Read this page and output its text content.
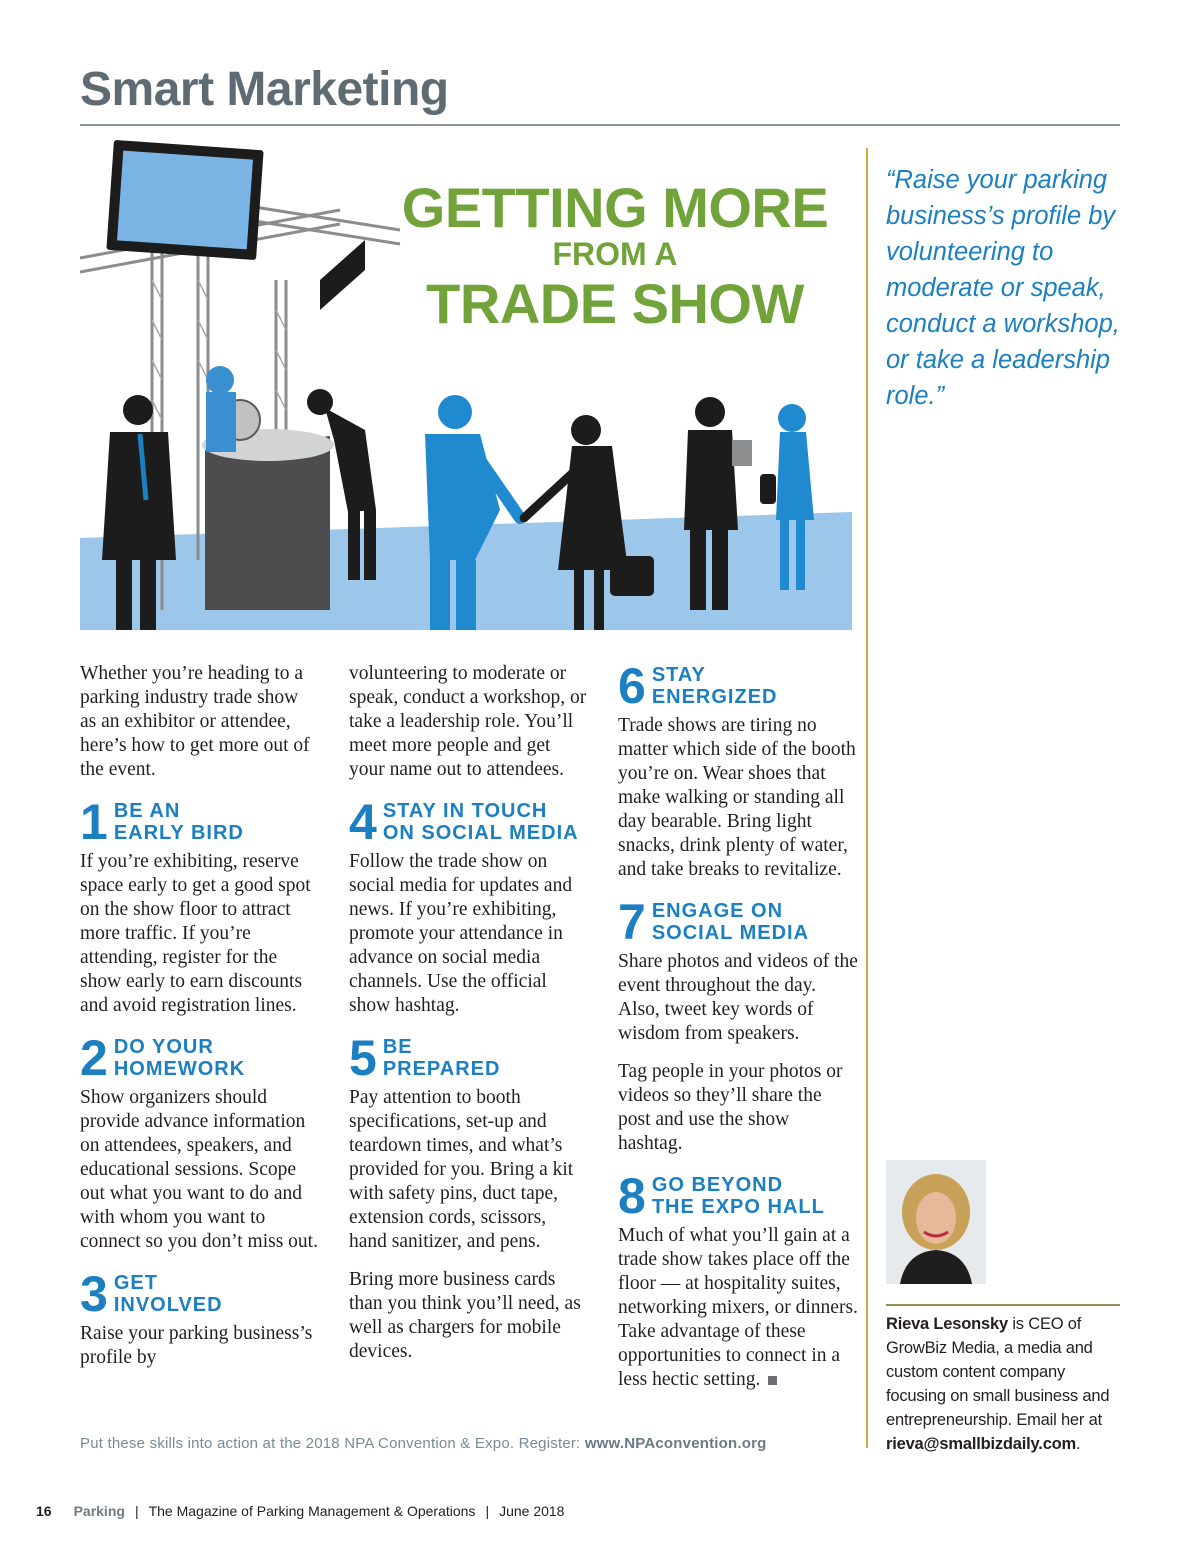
Smart Marketing
GETTING MORE
FROM A
TRADE SHOW

“Raise your parking business’s profile by volunteering to moderate or speak, conduct a workshop, or take a leadership role.”

Whether you’re heading to a parking industry trade show as an exhibitor or attendee, here’s how to get more out of the event.

1 BE AN
EARLY BIRD

If you’re exhibiting, reserve space early to get a good spot on the show floor to attract more traffic. If you’re attending, register for the show early to earn discounts and avoid registration lines.

2 DO YOUR
HOMEWORK

Show organizers should provide advance information on attendees, speakers, and educational sessions. Scope out what you want to do and with whom you want to connect so you don’t miss out.

3 GET
INVOLVED

Raise your parking business’s profile by

volunteering to moderate or speak, conduct a workshop, or take a leadership role. You’ll meet more people and get your name out to attendees.

4 STAY IN TOUCH
ON SOCIAL MEDIA

Follow the trade show on social media for updates and news. If you’re exhibiting, promote your attendance in advance on social media channels. Use the official show hashtag.

5 BE
PREPARED

Pay attention to booth specifications, set-up and teardown times, and what’s provided for you. Bring a kit with safety pins, duct tape, extension cords, scissors, hand sanitizer, and pens.

Bring more business cards than you think you’ll need, as well as chargers for mobile devices.

6 STAY
ENERGIZED

Trade shows are tiring no matter which side of the booth you’re on. Wear shoes that make walking or standing all day bearable. Bring light snacks, drink plenty of water, and take breaks to revitalize.

7 ENGAGE ON
SOCIAL MEDIA

Share photos and videos of the event throughout the day. Also, tweet key words of wisdom from speakers.

Tag people in your photos or videos so they’ll share the post and use the show hashtag.

8 GO BEYOND
THE EXPO HALL

Much of what you’ll gain at a trade show takes place off the floor — at hospitality suites, networking mixers, or dinners. Take advantage of these opportunities to connect in a less hectic setting.

Rieva Lesonsky is CEO of GrowBiz Media, a media and custom content company focusing on small business and entrepreneurship. Email her at rieva@smallbizdaily.com.

Put these skills into action at the 2018 NPA Convention & Expo. Register: www.NPAconvention.org

16 Parking | The Magazine of Parking Management & Operations | June 2018
